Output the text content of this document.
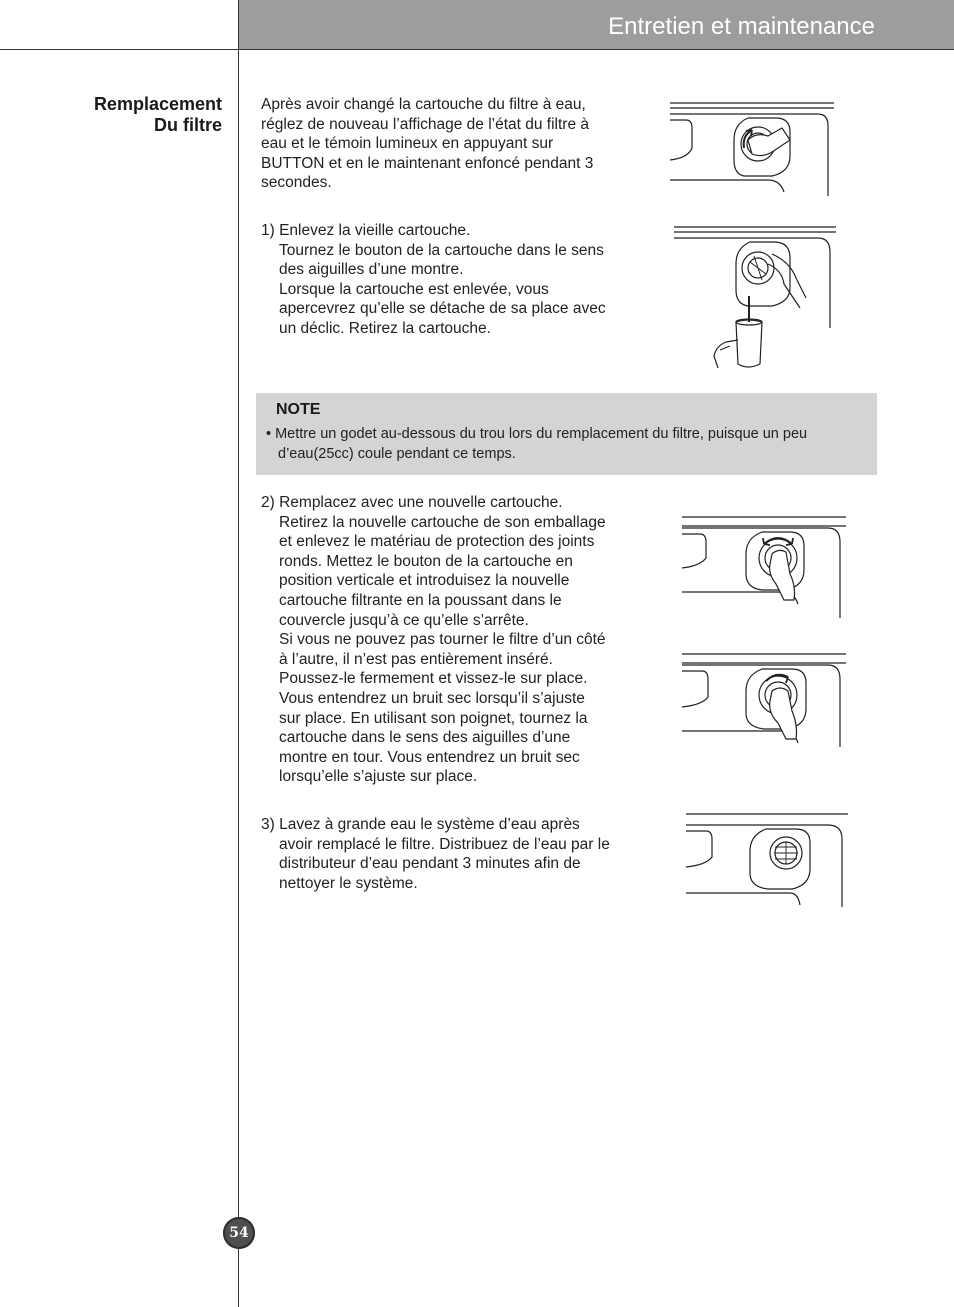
Entretien et maintenance
Remplacement
Du filtre
Après avoir changé la cartouche du filtre à eau,
réglez de nouveau l’affichage de l’état du filtre à
eau et le témoin lumineux en appuyant sur
BUTTON et en le maintenant enfoncé pendant 3
secondes.
1) Enlevez la vieille cartouche.
Tournez le bouton de la cartouche dans le sens
des aiguilles d’une montre.
Lorsque la cartouche est enlevée, vous
apercevrez qu’elle se détache de sa place avec
un déclic. Retirez la cartouche.
NOTE
• Mettre un godet au-dessous du trou lors du remplacement du filtre, puisque un peu
d’eau(25cc) coule pendant ce temps.
2) Remplacez avec une nouvelle cartouche.
Retirez la nouvelle cartouche de son emballage
et enlevez le matériau de protection des joints
ronds. Mettez le bouton de la cartouche en
position verticale et introduisez la nouvelle
cartouche filtrante en la poussant dans le
couvercle jusqu’à ce qu’elle s’arrête.
Si vous ne pouvez pas tourner le filtre d’un côté
à l’autre, il n’est pas entièrement inséré.
Poussez-le fermement et vissez-le sur place.
Vous entendrez un bruit sec lorsqu’il s’ajuste
sur place. En utilisant son poignet, tournez la
cartouche dans le sens des aiguilles d’une
montre en tour. Vous entendrez un bruit sec
lorsqu’elle s’ajuste sur place.
3) Lavez à grande eau le système d’eau après
avoir remplacé le filtre. Distribuez de l’eau par le
distributeur d’eau pendant 3 minutes afin de
nettoyer le système.
54
